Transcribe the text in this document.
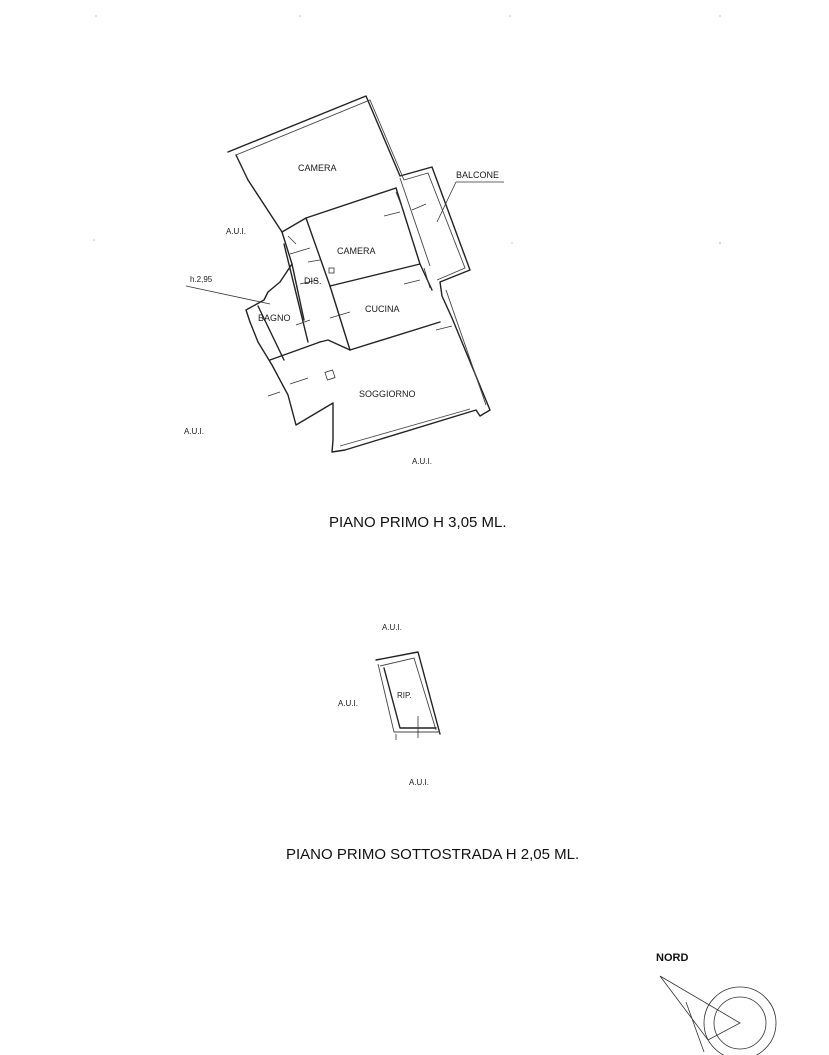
CAMERA
CAMERA
BALCONE
DIS.
BAGNO
CUCINA
SOGGIORNO
h.2,95
A.U.I.
A.U.I.
A.U.I.
PIANO PRIMO H 3,05 ML.
RIP.
A.U.I.
A.U.I.
A.U.I.
PIANO PRIMO SOTTOSTRADA H 2,05 ML.
NORD
